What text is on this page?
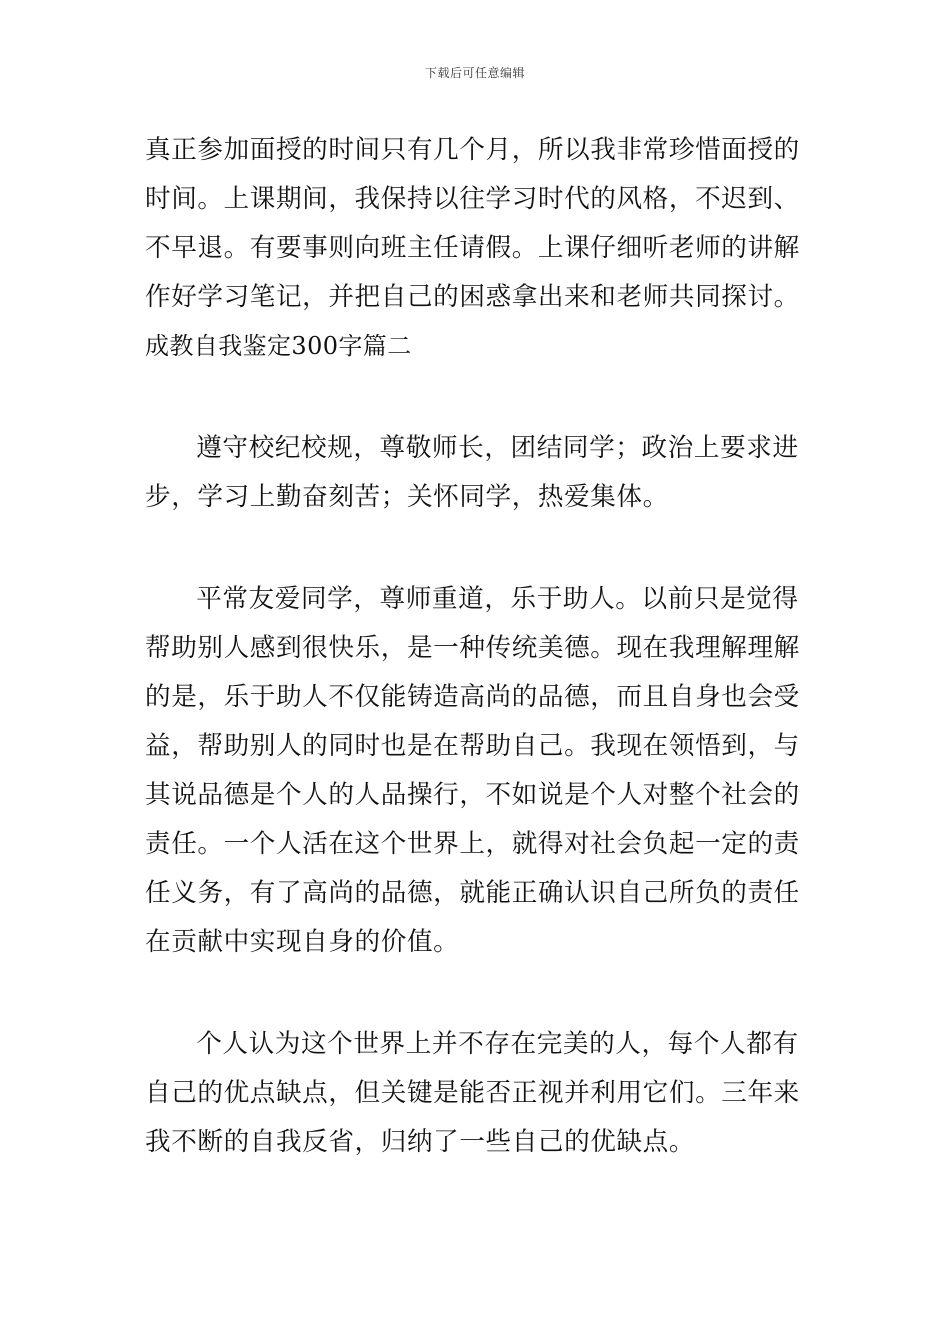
下载后可任意编辑

真正参加面授的时间只有几个月，所以我非常珍惜面授的时间。上课期间，我保持以往学习时代的风格，不迟到、不早退。有要事则向班主任请假。上课仔细听老师的讲解作好学习笔记，并把自己的困惑拿出来和老师共同探讨。

成教自我鉴定300字篇二

遵守校纪校规，尊敬师长，团结同学；政治上要求进步，学习上勤奋刻苦；关怀同学，热爱集体。

平常友爱同学，尊师重道，乐于助人。以前只是觉得帮助别人感到很快乐，是一种传统美德。现在我理解理解的是，乐于助人不仅能铸造高尚的品德，而且自身也会受益，帮助别人的同时也是在帮助自己。我现在领悟到，与其说品德是个人的人品操行，不如说是个人对整个社会的责任。一个人活在这个世界上，就得对社会负起一定的责任义务，有了高尚的品德，就能正确认识自己所负的责任在贡献中实现自身的价值。

个人认为这个世界上并不存在完美的人，每个人都有自己的优点缺点，但关键是能否正视并利用它们。三年来我不断的自我反省，归纳了一些自己的优缺点。
